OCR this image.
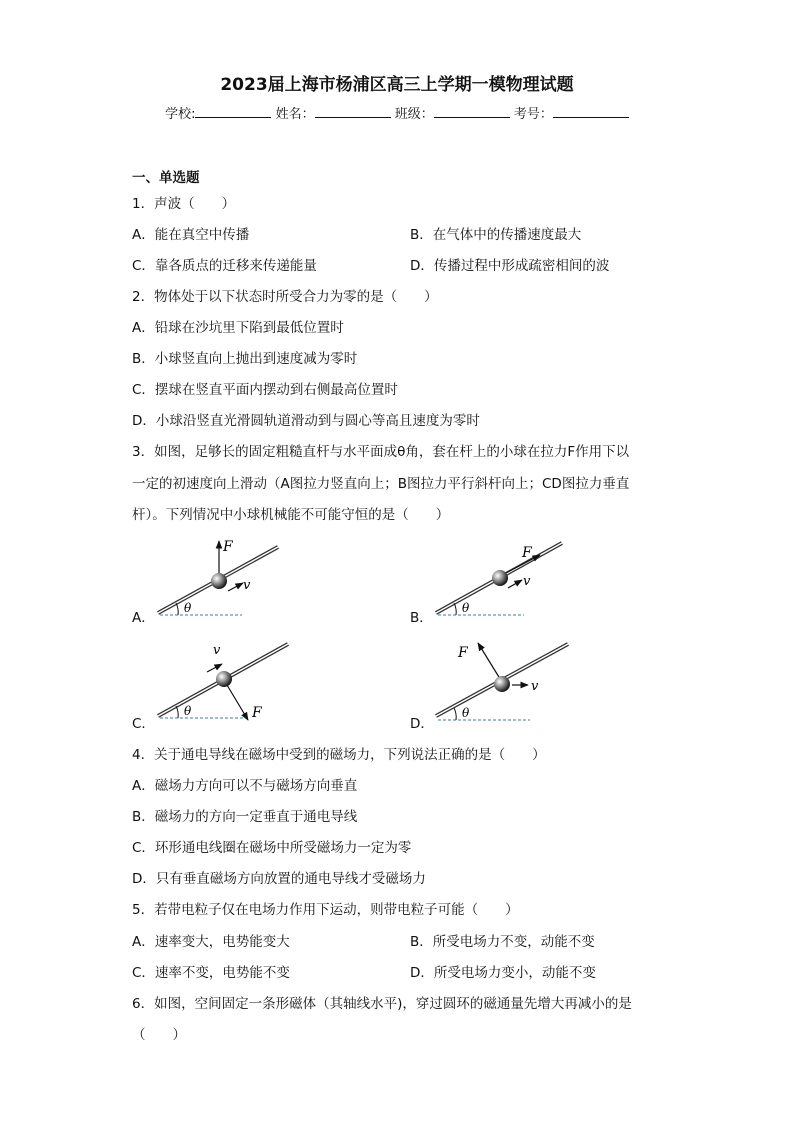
2023届上海市杨浦区高三上学期一模物理试题
学校:	姓名：	班级：	考号：
一、单选题
1．声波（　　）
A．能在真空中传播	B．在气体中的传播速度最大
C．靠各质点的迁移来传递能量	D．传播过程中形成疏密相间的波
2．物体处于以下状态时所受合力为零的是（　　）
A．铅球在沙坑里下陷到最低位置时
B．小球竖直向上抛出到速度减为零时
C．摆球在竖直平面内摆动到右侧最高位置时
D．小球沿竖直光滑圆轨道滑动到与圆心等高且速度为零时
3．如图，足够长的固定粗糙直杆与水平面成θ角，套在杆上的小球在拉力F作用下以
一定的初速度向上滑动（A图拉力竖直向上；B图拉力平行斜杆向上；CD图拉力垂直
杆）。下列情况中小球机械能不可能守恒的是（　　）
A．
θ
F
v
B．
θ
F
v
C．
θ	F
v
D．
θ
F
v
4．关于通电导线在磁场中受到的磁场力，下列说法正确的是（　　）
A．磁场力方向可以不与磁场方向垂直
B．磁场力的方向一定垂直于通电导线
C．环形通电线圈在磁场中所受磁场力一定为零
D．只有垂直磁场方向放置的通电导线才受磁场力
5．若带电粒子仅在电场力作用下运动，则带电粒子可能（　　）
A．速率变大，电势能变大	B．所受电场力不变，动能不变
C．速率不变，电势能不变	D．所受电场力变小，动能不变
6．如图，空间固定一条形磁体（其轴线水平)，穿过圆环的磁通量先增大再减小的是
（　　）
